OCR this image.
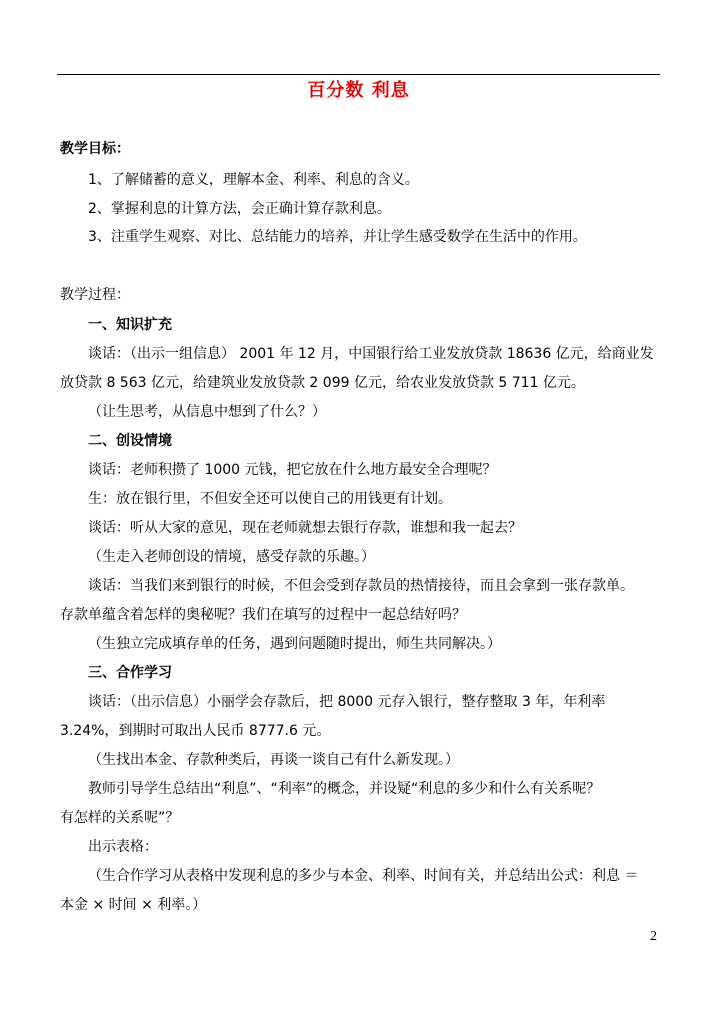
百分数 利息
教学目标：
1、了解储蓄的意义，理解本金、利率、利息的含义。
2、掌握利息的计算方法，会正确计算存款利息。
3、注重学生观察、对比、总结能力的培养，并让学生感受数学在生活中的作用。
教学过程：
一、知识扩充
谈话：（出示一组信息） 2001 年 12 月，中国银行给工业发放贷款 18636 亿元，给商业发
放贷款 8 563 亿元，给建筑业发放贷款 2 099 亿元，给农业发放贷款 5 711 亿元。
（让生思考，从信息中想到了什么？）
二、创设情境
谈话：老师积攒了 1000 元钱，把它放在什么地方最安全合理呢？
生：放在银行里，不但安全还可以使自己的用钱更有计划。
谈话：听从大家的意见，现在老师就想去银行存款，谁想和我一起去？
（生走入老师创设的情境，感受存款的乐趣。）
谈话：当我们来到银行的时候，不但会受到存款员的热情接待，而且会拿到一张存款单。
存款单蕴含着怎样的奥秘呢？我们在填写的过程中一起总结好吗？
（生独立完成填存单的任务，遇到问题随时提出，师生共同解决。）
三、合作学习
谈话：（出示信息）小丽学会存款后，把 8000 元存入银行，整存整取 3 年，年利率
3.24%，到期时可取出人民币 8777.6 元。
（生找出本金、存款种类后，再谈一谈自己有什么新发现。）
教师引导学生总结出“利息”、“利率”的概念，并设疑“利息的多少和什么有关系呢？
有怎样的关系呢”？
出示表格：
（生合作学习从表格中发现利息的多少与本金、利率、时间有关，并总结出公式：利息 ＝
本金 × 时间 × 利率。）
2
